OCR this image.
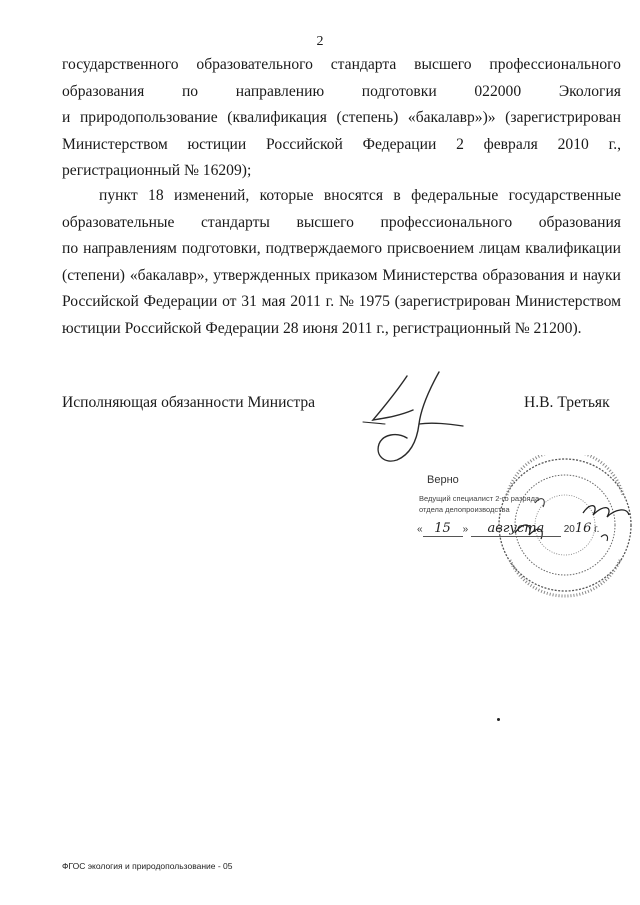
2
государственного образовательного стандарта высшего профессионального
образования по направлению подготовки 022000 Экология
и природопользование (квалификация (степень) «бакалавр»)» (зарегистрирован
Министерством юстиции Российской Федерации 2 февраля 2010 г.,
регистрационный № 16209);
пункт 18 изменений, которые вносятся в федеральные государственные
образовательные стандарты высшего профессионального образования
по направлениям подготовки, подтверждаемого присвоением лицам квалификации
(степени) «бакалавр», утвержденных приказом Министерства образования и науки
Российской Федерации от 31 мая 2011 г. № 1975 (зарегистрирован Министерством
юстиции Российской Федерации 28 июня 2011 г., регистрационный № 21200).
Исполняющая обязанности Министра	Н.В. Третьяк
Верно
Ведущий специалист 2-го разряда
отдела делопроизводства
« 15 » августа 2016 г.
ФГОС экология и природопользование - 05
